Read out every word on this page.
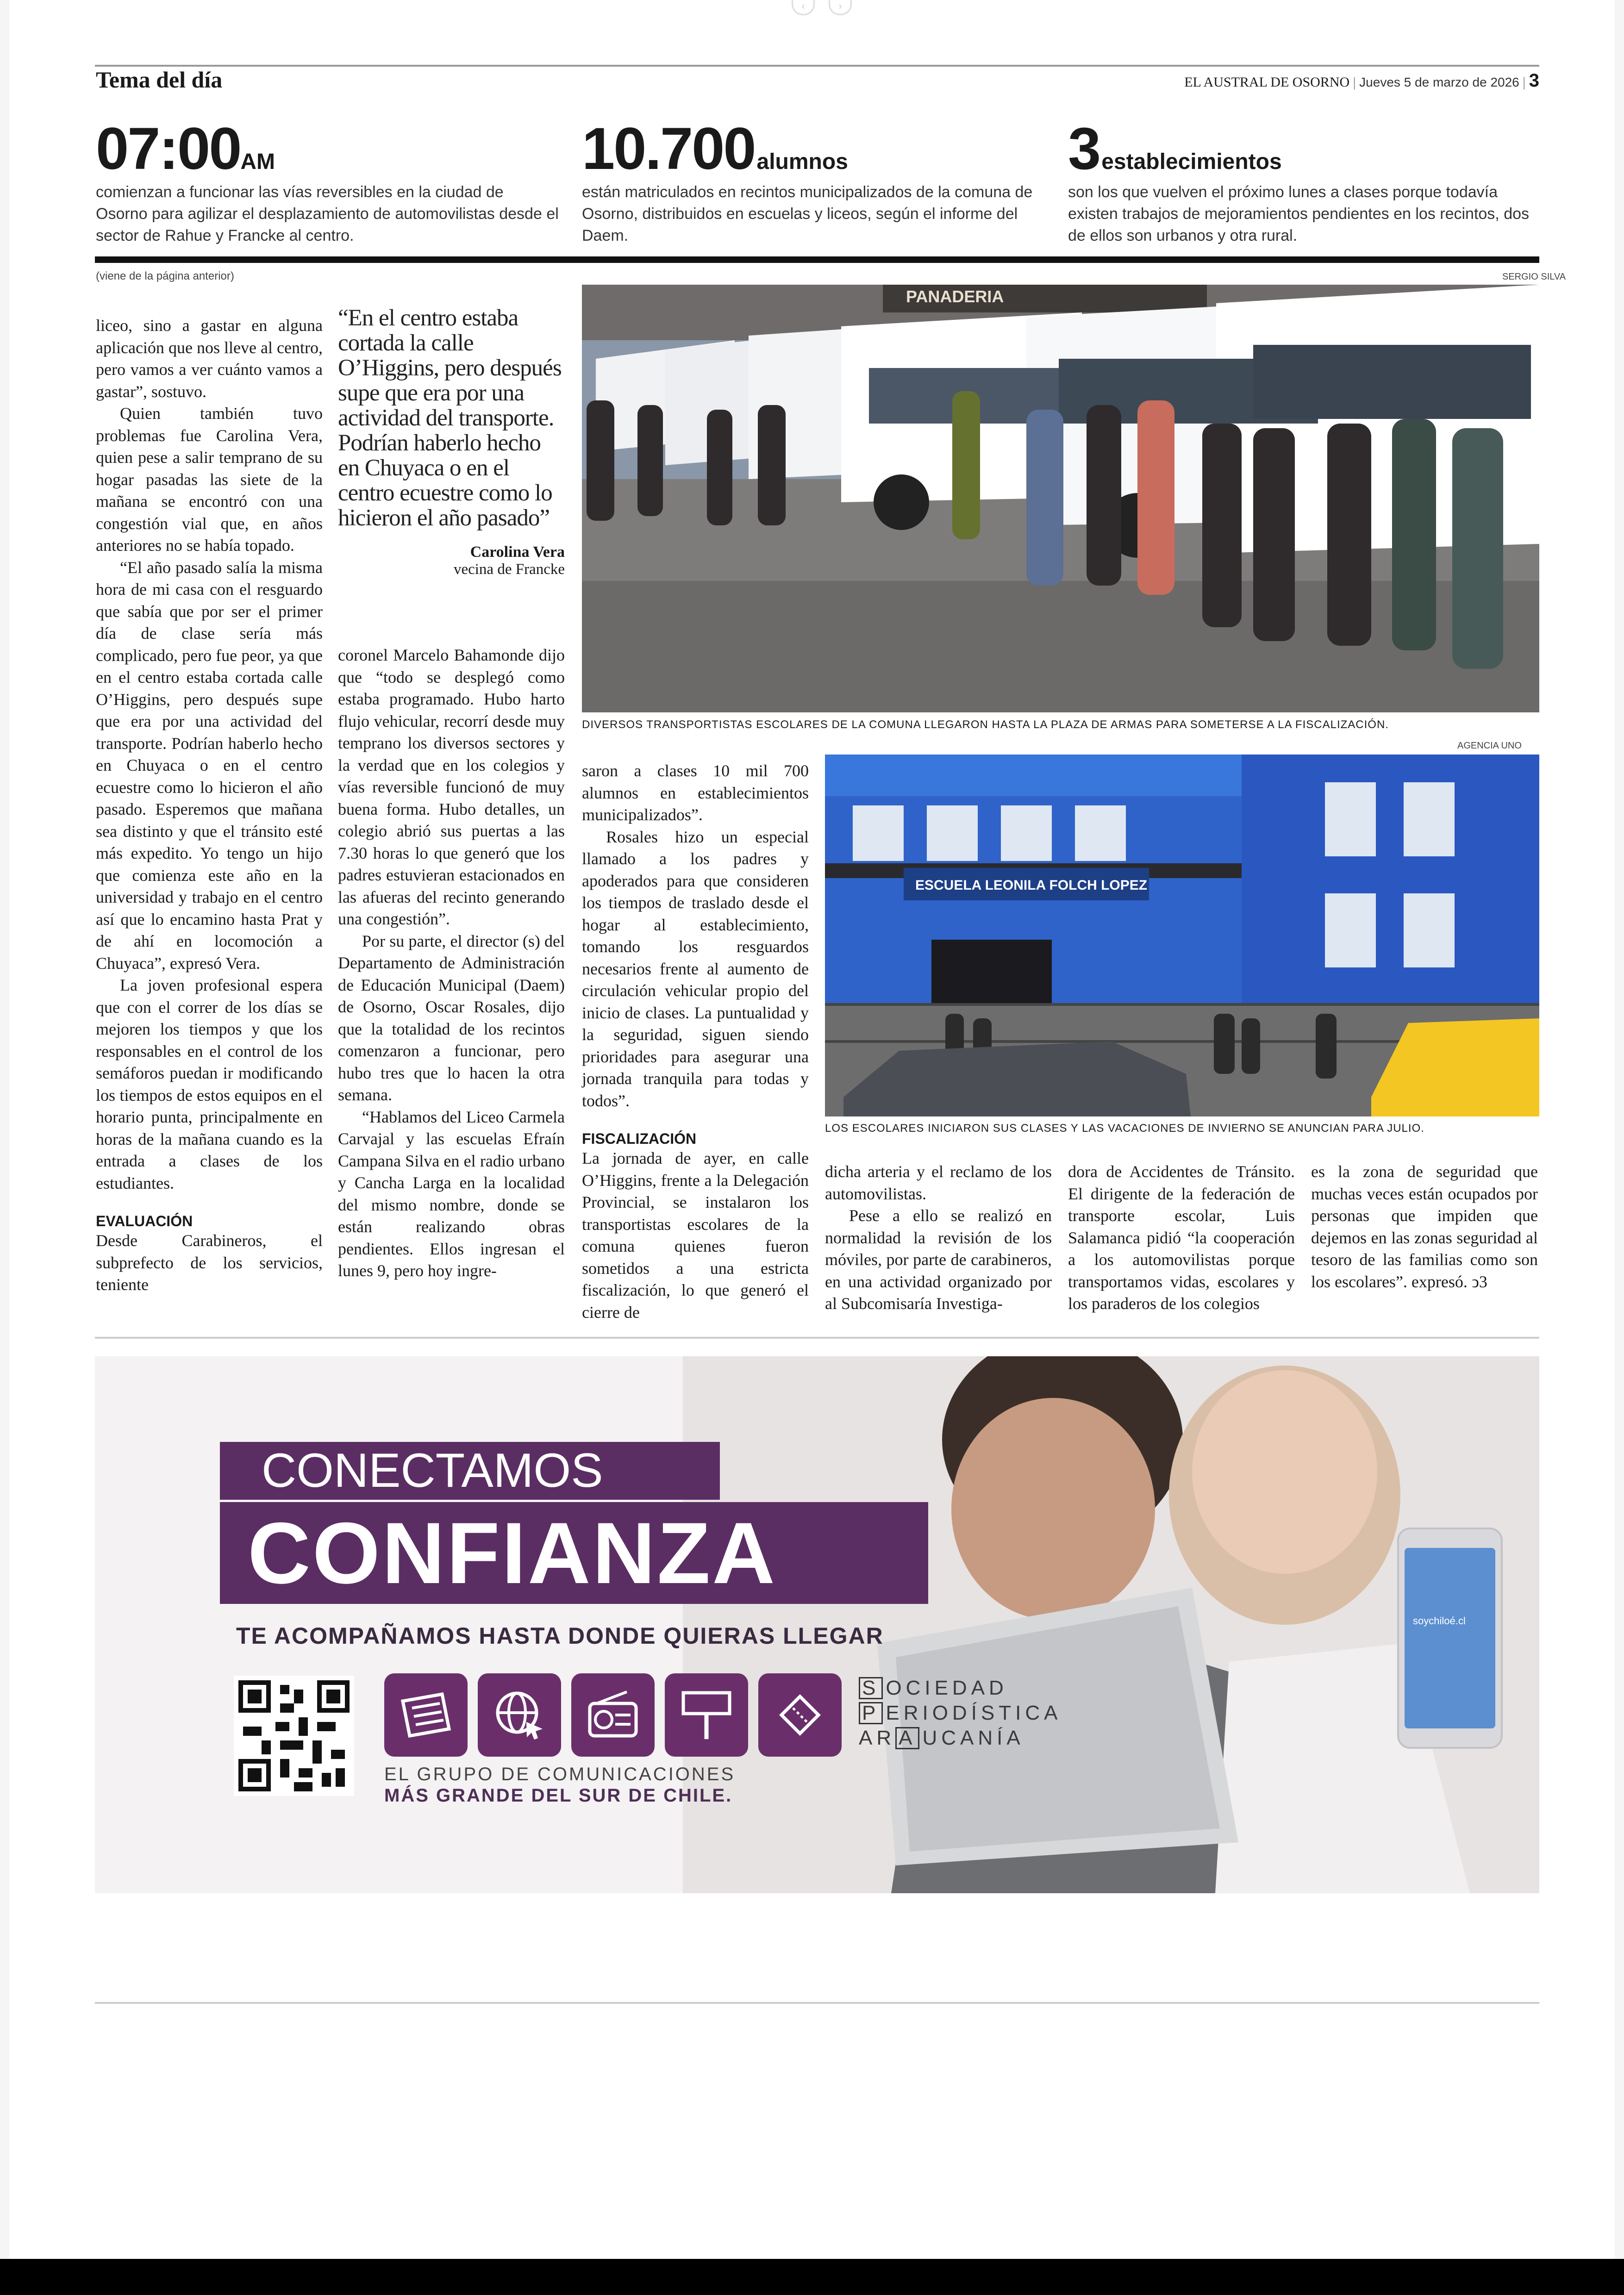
‹	›
Tema del día	EL AUSTRAL DE OSORNO | Jueves 5 de marzo de 2026 | 3
07:00AM

comienzan a funcionar las vías reversibles en la ciudad de Osorno para agilizar el desplazamiento de automovilistas desde el sector de Rahue y Francke al centro.

10.700 alumnos

están matriculados en recintos municipalizados de la comuna de Osorno, distribuidos en escuelas y liceos, según el informe del Daem.

3 establecimientos

son los que vuelven el próximo lunes a clases porque todavía existen trabajos de mejoramientos pendientes en los recintos, dos de ellos son urbanos y otra rural.

(viene de la página anterior)

liceo, sino a gastar en alguna aplicación que nos lleve al centro, pero vamos a ver cuánto vamos a gastar”, sostuvo.

Quien también tuvo problemas fue Carolina Vera, quien pese a salir temprano de su hogar pasadas las siete de la mañana se encontró con una congestión vial que, en años anteriores no se había topado.

“El año pasado salía la misma hora de mi casa con el resguardo que sabía que por ser el primer día de clase sería más complicado, pero fue peor, ya que en el centro estaba cortada calle O’Higgins, pero después supe que era por una actividad del transporte. Podrían haberlo hecho en Chuyaca o en el centro ecuestre como lo hicieron el año pasado. Esperemos que mañana sea distinto y que el tránsito esté más expedito. Yo tengo un hijo que comienza este año en la universidad y trabajo en el centro así que lo encamino hasta Prat y de ahí en locomoción a Chuyaca”, expresó Vera.

La joven profesional espera que con el correr de los días se mejoren los tiempos y que los responsables en el control de los semáforos puedan ir modificando los tiempos de estos equipos en el horario punta, principalmente en horas de la mañana cuando es la entrada a clases de los estudiantes.

EVALUACIÓN

Desde Carabineros, el subprefecto de los servicios, teniente

“En el centro estaba cortada la calle O’Higgins, pero después supe que era por una actividad del transporte. Podrían haberlo hecho en Chuyaca o en el centro ecuestre como lo hicieron el año pasado”
Carolina Vera
vecina de Francke

coronel Marcelo Bahamonde dijo que “todo se desplegó como estaba programado. Hubo harto flujo vehicular, recorrí desde muy temprano los diversos sectores y la verdad que en los colegios y vías reversible funcionó de muy buena forma. Hubo detalles, un colegio abrió sus puertas a las 7.30 horas lo que generó que los padres estuvieran estacionados en las afueras del recinto generando una congestión”.

Por su parte, el director (s) del Departamento de Administración de Educación Municipal (Daem) de Osorno, Oscar Rosales, dijo que la totalidad de los recintos comenzaron a funcionar, pero hubo tres que lo hacen la otra semana.

“Hablamos del Liceo Carmela Carvajal y las escuelas Efraín Campana Silva en el radio urbano y Cancha Larga en la localidad del mismo nombre, donde se están realizando obras pendientes. Ellos ingresan el lunes 9, pero hoy ingre-

saron a clases 10 mil 700 alumnos en establecimientos municipalizados”.

Rosales hizo un especial llamado a los padres y apoderados para que consideren los tiempos de traslado desde el hogar al establecimiento, tomando los resguardos necesarios frente al aumento de circulación vehicular propio del inicio de clases. La puntualidad y la seguridad, siguen siendo prioridades para asegurar una jornada tranquila para todas y todos”.

FISCALIZACIÓN

La jornada de ayer, en calle O’Higgins, frente a la Delegación Provincial, se instalaron los transportistas escolares de la comuna quienes fueron sometidos a una estricta fiscalización, lo que generó el cierre de

dicha arteria y el reclamo de los automovilistas.

Pese a ello se realizó en normalidad la revisión de los móviles, por parte de carabineros, en una actividad organizado por al Subcomisaría Investiga-

dora de Accidentes de Tránsito. El dirigente de la federación de transporte escolar, Luis Salamanca pidió “la cooperación a los automovilistas porque transportamos vidas, escolares y los paraderos de los colegios

es la zona de seguridad que muchas veces están ocupados por personas que impiden que dejemos en las zonas seguridad al tesoro de las familias como son los escolares”. expresó. ↄ3

SERGIO SILVA
PANADERIA
DIVERSOS TRANSPORTISTAS ESCOLARES DE LA COMUNA LLEGARON HASTA LA PLAZA DE ARMAS PARA SOMETERSE A LA FISCALIZACIÓN.
AGENCIA UNO
ESCUELA LEONILA FOLCH LOPEZ
LOS ESCOLARES INICIARON SUS CLASES Y LAS VACACIONES DE INVIERNO SE ANUNCIAN PARA JULIO.
CONECTAMOS
CONFIANZA
TE ACOMPAÑAMOS HASTA DONDE QUIERAS LLEGAR
EL GRUPO DE COMUNICACIONES
MÁS GRANDE DEL SUR DE CHILE.
S OCIEDAD
P ERIODÍSTICA
AR A UCANÍA
soychiloé.cl
